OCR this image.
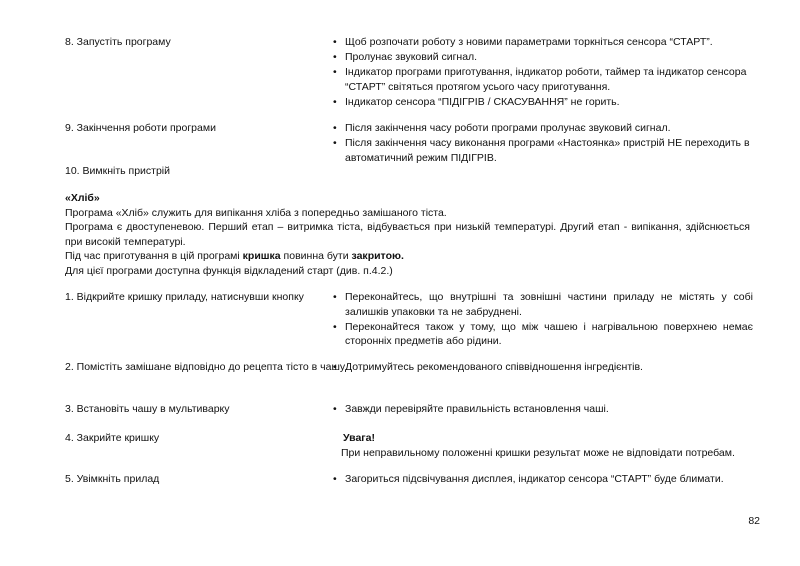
8. Запустіть програму	• Щоб розпочати роботу з новими параметрами торкніться сенсора “СТАРТ”.
• Пролунає звуковий сигнал.
• Індикатор програми приготування, індикатор роботи, таймер та індикатор сенсора “СТАРТ” світяться протягом усього часу приготування.
• Індикатор сенсора “ПІДІГРІВ / СКАСУВАННЯ” не горить.
9. Закінчення роботи програми	• Після закінчення часу роботи програми пролунає звуковий сигнал.
• Після закінчення часу виконання програми «Настоянка» пристрій НЕ переходить в автоматичний режим ПІДІГРІВ.
10. Вимкніть пристрій

«Хліб»

Програма «Хліб» служить для випікання хліба з попередньо замішаного тіста.

Програма є двоступеневою. Перший етап – витримка тіста, відбувається при низькій температурі. Другий етап - випікання, здійснюється при високій температурі.

Під час приготування в цій програмі кришка повинна бути закритою.

Для цієї програми доступна функція відкладений старт (див. п.4.2.)

1. Відкрийте кришку приладу, натиснувши кнопку	• Переконайтесь, що внутрішні та зовнішні частини приладу не містять у собі залишків упаковки та не забруднені.
• Переконайтеся також у тому, що між чашею і нагрівальною поверхнею немає сторонніх предметів або рідини.
2. Помістіть замішане відповідно до рецепта тісто в чашу • Дотримуйтесь рекомендованого співвідношення інгредієнтів.
3. Встановіть чашу в мультиварку	• Завжди перевіряйте правильність встановлення чаші.
4. Закрийте кришку	Увага!
При неправильному положенні кришки результат може не відповідати потребам.
5. Увімкніть прилад	• Загориться підсвічування дисплея, індикатор сенсора “СТАРТ” буде блимати.
82
